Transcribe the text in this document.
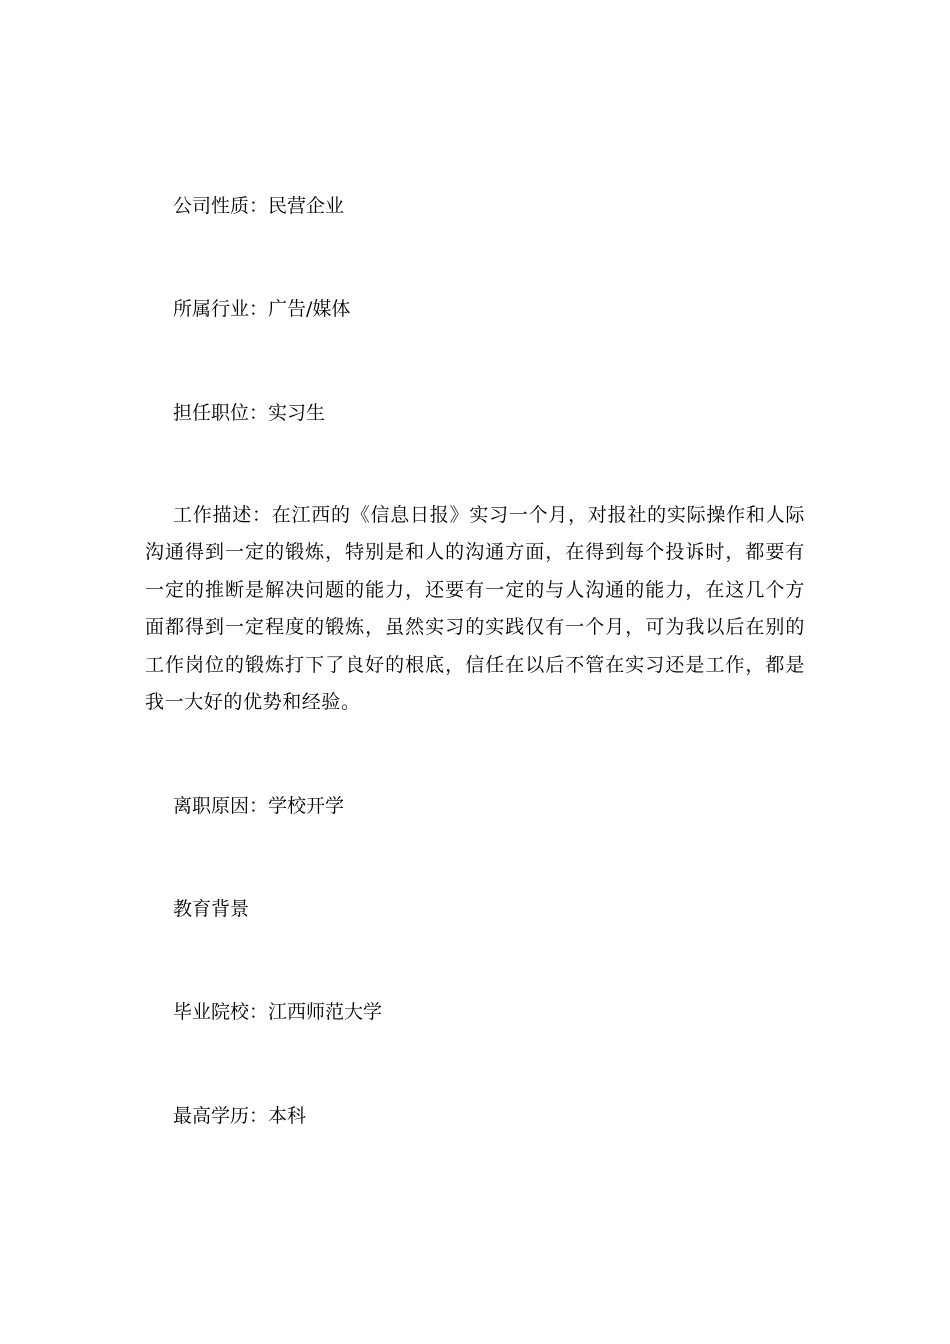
公司性质：民营企业
所属行业：广告/媒体
担任职位：实习生
工作描述：在江西的《信息日报》实习一个月，对报社的实际操作和人际沟通得到一定的锻炼，特别是和人的沟通方面，在得到每个投诉时，都要有一定的推断是解决问题的能力，还要有一定的与人沟通的能力，在这几个方面都得到一定程度的锻炼，虽然实习的实践仅有一个月，可为我以后在别的工作岗位的锻炼打下了良好的根底，信任在以后不管在实习还是工作，都是我一大好的优势和经验。
离职原因：学校开学
教育背景
毕业院校：江西师范大学
最高学历：本科
